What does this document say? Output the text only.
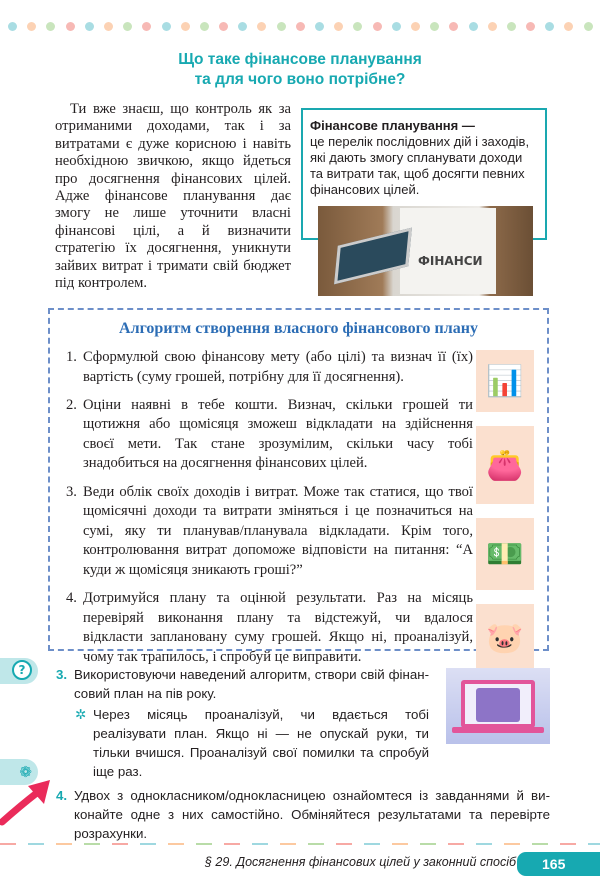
Що таке фінансове планування
та для чого воно потрібне?

Ти вже знаєш, що контроль як за отриманими доходами, так і за витратами є дуже корисною і навіть необхідною звичкою, якщо йдеться про досягнення фінансових цілей. Адже фінансове планування дає змогу не лише уточнити власні фінансові цілі, а й визначити стратегію їх досягнення, уникнути зайвих витрат і тримати свій бюджет під контролем.

Фінансове планування —
це перелік послідовних дій і заходів, які дають змогу спланувати доходи та витрати так, щоб досягти певних фінансових цілей.
ФІНАНСИ
Алгоритм створення власного фінансового плану
1. Сформулюй свою фінансову мету (або цілі) та визнач її (їх) вартість (суму грошей, потрібну для її досягнення).
2. Оціни наявні в тебе кошти. Визнач, скільки грошей ти щотижня або щомісяця зможеш відкладати на здійснення своєї мети. Так стане зрозумілим, скільки часу тобі знадобиться на досягнення фінансових цілей.
3. Веди облік своїх доходів і витрат. Може так статися, що твої щомісячні доходи та витрати зміняться і це позначиться на сумі, яку ти планував/планувала відкладати. Крім того, контролювання витрат допоможе відповісти на питання: “А куди ж щомісяця зникають гроші?”
4. Дотримуйся плану та оцінюй результати. Раз на місяць перевіряй виконання плану та відстежуй, чи вдалося відкласти заплановану суму грошей. Якщо ні, проаналізуй, чому так трапилось, і спробуй це виправити.
📊
👛
💵
🐷
?	3. Використовуючи наведений алгоритм, створи свій фінансовий план на пів року.
✲ Через місяць проаналізуй, чи вдається тобі реалізувати план. Якщо ні — не опускай руки, ти тільки вчишся. Проаналізуй свої помилки та спробуй іще раз.
4. Удвох з однокласником/однокласницею ознайомтеся із завданнями й виконайте одне з них самостійно. Обміняйтеся результатами та перевірте розрахунки.
❁
§ 29. Досягнення фінансових цілей у законний спосіб	165
